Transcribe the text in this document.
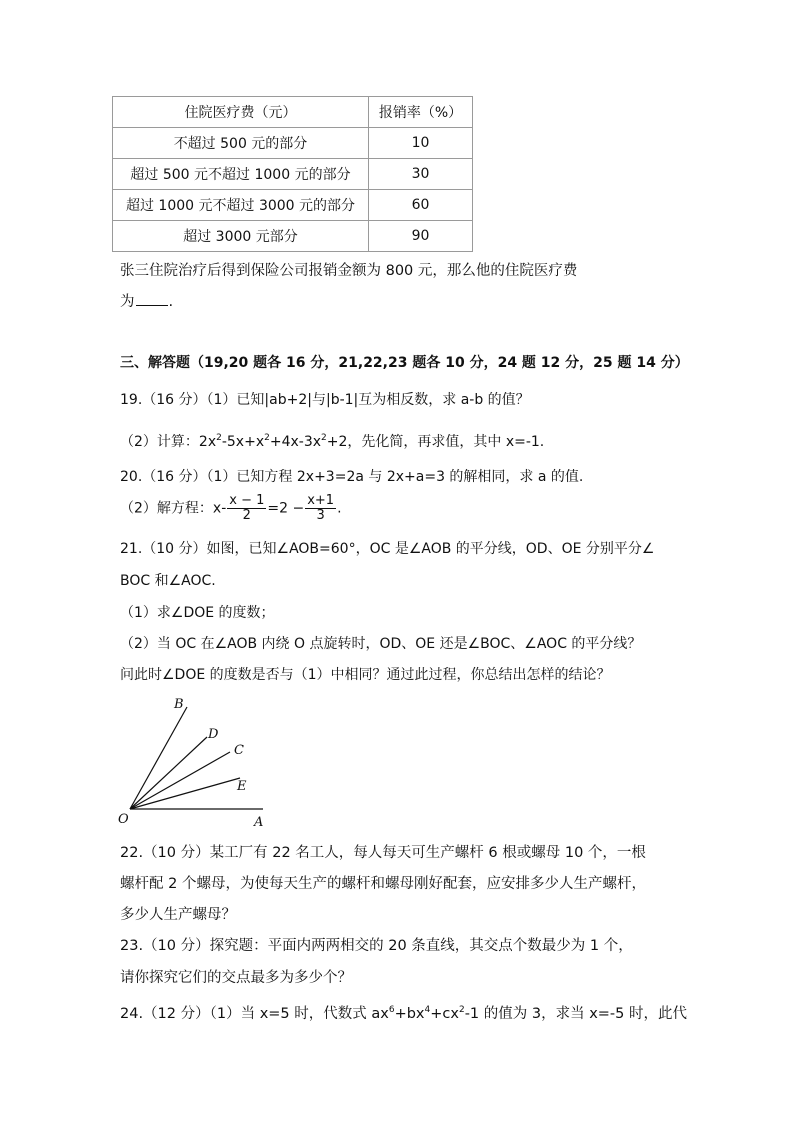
住院医疗费（元）	报销率（%）
不超过 500 元的部分	10
超过 500 元不超过 1000 元的部分	30
超过 1000 元不超过 3000 元的部分	60
超过 3000 元部分	90
张三住院治疗后得到保险公司报销金额为 800 元，那么他的住院医疗费
为 .
三、解答题（19,20 题各 16 分，21,22,23 题各 10 分，24 题 12 分，25 题 14 分）
19.（16 分）（1）已知|ab+2|与|b-1|互为相反数，求 a-b 的值？
（2）计算：$2x^2-5x+x^2+4x-3x^2+2$，先化简，再求值，其中 x=-1.
20.（16 分）（1）已知方程 2x+3=2a 与 2x+a=3 的解相同，求 a 的值.
（2）解方程：$x- \frac{x - 1}{2} =2 - \frac{x+1}{3}$ .
21.（10 分）如图，已知∠AOB=60°，OC 是∠AOB 的平分线，OD、OE 分别平分∠
BOC 和∠AOC.
（1）求∠DOE 的度数；
（2）当 OC 在∠AOB 内绕 O 点旋转时，OD、OE 还是∠BOC、∠AOC 的平分线？
问此时∠DOE 的度数是否与（1）中相同？通过此过程，你总结出怎样的结论？
B
D
C
E
O	A
22.（10 分）某工厂有 22 名工人，每人每天可生产螺杆 6 根或螺母 10 个，一根
螺杆配 2 个螺母，为使每天生产的螺杆和螺母刚好配套，应安排多少人生产螺杆，
多少人生产螺母？
23.（10 分）探究题：平面内两两相交的 20 条直线，其交点个数最少为 1 个，
请你探究它们的交点最多为多少个？
24.（12 分）（1）当 x=5 时，代数式 $ax^6+bx^4+cx^2-1$ 的值为 3，求当 x=-5 时，此代
